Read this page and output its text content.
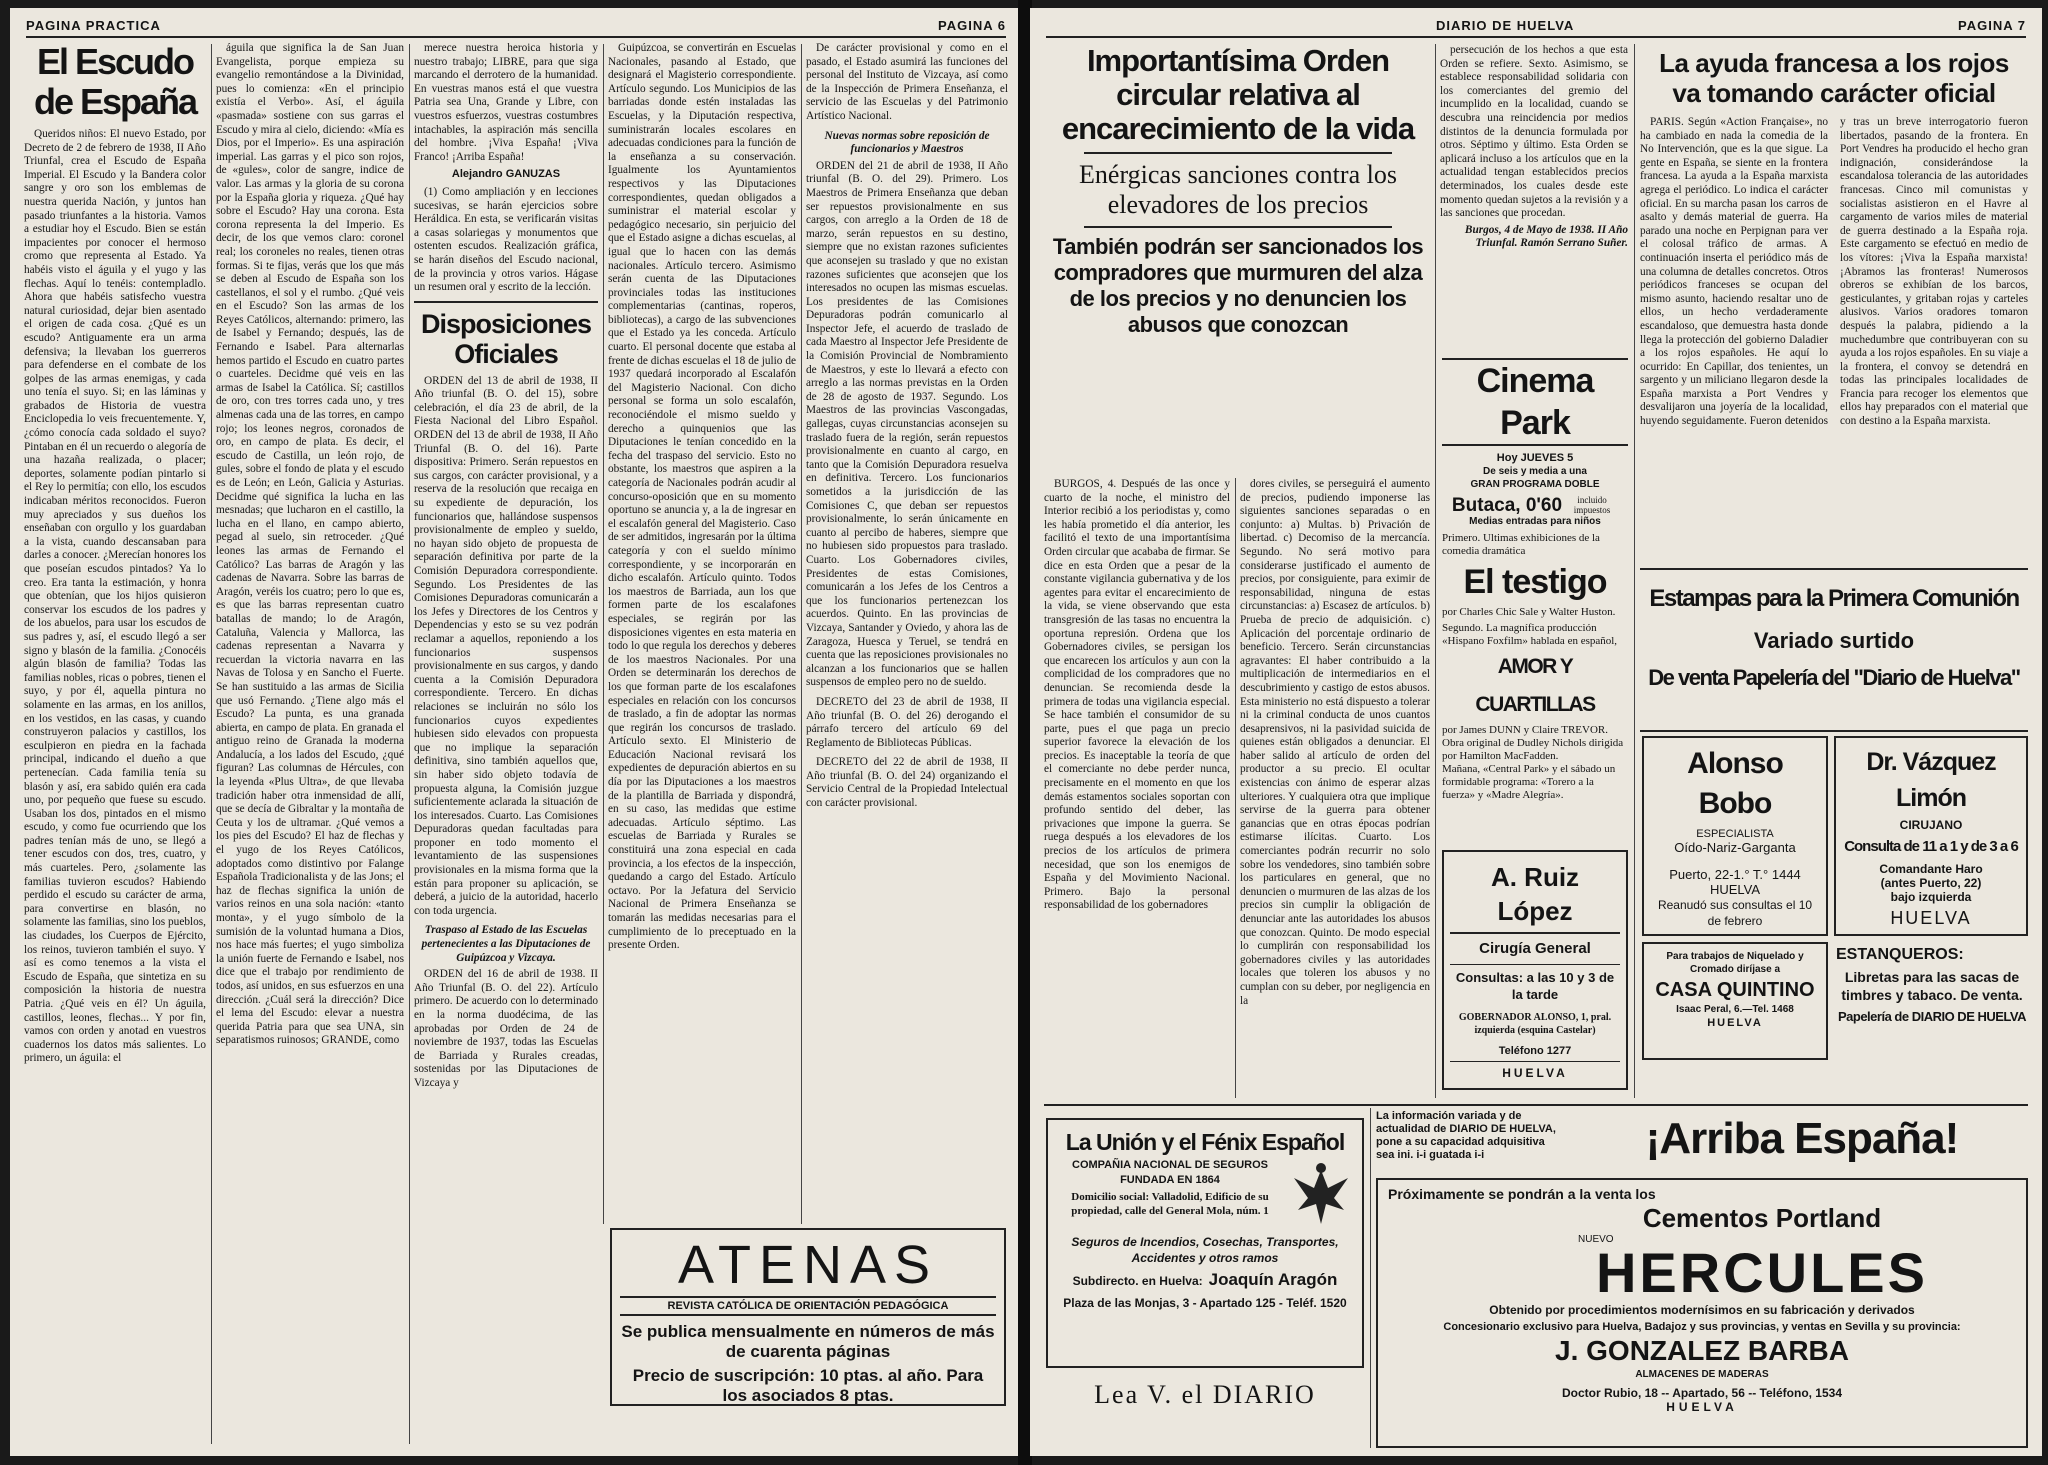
PAGINA PRACTICA	PAGINA 6
El Escudo de España

Queridos niños: El nuevo Estado, por Decreto de 2 de febrero de 1938, II Año Triunfal, crea el Escudo de España Imperial. El Escudo y la Bandera color sangre y oro son los emblemas de nuestra querida Nación, y juntos han pasado triunfantes a la historia. Vamos a estudiar hoy el Escudo. Bien se están impacientes por conocer el hermoso cromo que representa al Estado. Ya habéis visto el águila y el yugo y las flechas. Aquí lo tenéis: contempladlo. Ahora que habéis satisfecho vuestra natural curiosidad, dejar bien asentado el origen de cada cosa. ¿Qué es un escudo? Antiguamente era un arma defensiva; la llevaban los guerreros para defenderse en el combate de los golpes de las armas enemigas, y cada uno tenía el suyo. Si; en las láminas y grabados de Historia de vuestra Enciclopedia lo veis frecuentemente. Y, ¿cómo conocía cada soldado el suyo? Pintaban en él un recuerdo o alegoría de una hazaña realizada, o placer; deportes, solamente podían pintarlo si el Rey lo permitía; con ello, los escudos indicaban méritos reconocidos. Fueron muy apreciados y sus dueños los enseñaban con orgullo y los guardaban a la vista, cuando descansaban para darles a conocer. ¿Merecían honores los que poseían escudos pintados? Ya lo creo. Era tanta la estimación, y honra que obtenían, que los hijos quisieron conservar los escudos de los padres y de los abuelos, para usar los escudos de sus padres y, así, el escudo llegó a ser signo y blasón de la familia. ¿Conocéis algún blasón de familia? Todas las familias nobles, ricas o pobres, tienen el suyo, y por él, aquella pintura no solamente en las armas, en los anillos, en los vestidos, en las casas, y cuando construyeron palacios y castillos, los esculpieron en piedra en la fachada principal, indicando el dueño a que pertenecían. Cada familia tenía su blasón y así, era sabido quién era cada uno, por pequeño que fuese su escudo. Usaban los dos, pintados en el mismo escudo, y como fue ocurriendo que los padres tenían más de uno, se llegó a tener escudos con dos, tres, cuatro, y más cuarteles. Pero, ¿solamente las familias tuvieron escudos? Habiendo perdido el escudo su carácter de arma, para convertirse en blasón, no solamente las familias, sino los pueblos, las ciudades, los Cuerpos de Ejército, los reinos, tuvieron también el suyo. Y así es como tenemos a la vista el Escudo de España, que sintetiza en su composición la historia de nuestra Patria. ¿Qué veis en él? Un águila, castillos, leones, flechas... Y por fin, vamos con orden y anotad en vuestros cuadernos los datos más salientes. Lo primero, un águila: el

águila que significa la de San Juan Evangelista, porque empieza su evangelio remontándose a la Divinidad, pues lo comienza: «En el principio existía el Verbo». Así, el águila «pasmada» sostiene con sus garras el Escudo y mira al cielo, diciendo: «Mía es Dios, por el Imperio». Es una aspiración imperial. Las garras y el pico son rojos, de «gules», color de sangre, indice de valor. Las armas y la gloria de su corona por la España gloria y riqueza. ¿Qué hay sobre el Escudo? Hay una corona. Esta corona representa la del Imperio. Es decir, de los que vemos claro: coronel real; los coroneles no reales, tienen otras formas. Si te fijas, verás que los que más se deben al Escudo de España son los castellanos, el sol y el rumbo. ¿Qué veis en el Escudo? Son las armas de los Reyes Católicos, alternando: primero, las de Isabel y Fernando; después, las de Fernando e Isabel. Para alternarlas hemos partido el Escudo en cuatro partes o cuarteles. Decidme qué veis en las armas de Isabel la Católica. Sí; castillos de oro, con tres torres cada uno, y tres almenas cada una de las torres, en campo rojo; los leones negros, coronados de oro, en campo de plata. Es decir, el escudo de Castilla, un león rojo, de gules, sobre el fondo de plata y el escudo es de León; en León, Galicia y Asturias. Decidme qué significa la lucha en las mesnadas; que lucharon en el castillo, la lucha en el llano, en campo abierto, pegad al suelo, sin retroceder. ¿Qué leones las armas de Fernando el Católico? Las barras de Aragón y las cadenas de Navarra. Sobre las barras de Aragón, veréis los cuatro; pero lo que es, es que las barras representan cuatro batallas de mando; lo de Aragón, Cataluña, Valencia y Mallorca, las cadenas representan a Navarra y recuerdan la victoria navarra en las Navas de Tolosa y en Sancho el Fuerte. Se han sustituido a las armas de Sicilia que usó Fernando. ¿Tiene algo más el Escudo? La punta, es una granada abierta, en campo de plata. En granada el antiguo reino de Granada la moderna Andalucía, a los lados del Escudo, ¿qué figuran? Las columnas de Hércules, con la leyenda «Plus Ultra», de que llevaba tradición haber otra inmensidad de allí, que se decía de Gibraltar y la montaña de Ceuta y los de ultramar. ¿Qué vemos a los pies del Escudo? El haz de flechas y el yugo de los Reyes Católicos, adoptados como distintivo por Falange Española Tradicionalista y de las Jons; el haz de flechas significa la unión de varios reinos en una sola nación: «tanto monta», y el yugo símbolo de la sumisión de la voluntad humana a Dios, nos hace más fuertes; el yugo simboliza la unión fuerte de Fernando e Isabel, nos dice que el trabajo por rendimiento de todos, así unidos, en sus esfuerzos en una dirección. ¿Cuál será la dirección? Dice el lema del Escudo: elevar a nuestra querida Patria para que sea UNA, sin separatismos ruinosos; GRANDE, como

merece nuestra heroica historia y nuestro trabajo; LIBRE, para que siga marcando el derrotero de la humanidad. En vuestras manos está el que vuestra Patria sea Una, Grande y Libre, con vuestros esfuerzos, vuestras costumbres intachables, la aspiración más sencilla del hombre. ¡Viva España! ¡Viva Franco! ¡Arriba España!

Alejandro GANUZAS

(1) Como ampliación y en lecciones sucesivas, se harán ejercicios sobre Heráldica. En esta, se verificarán visitas a casas solariegas y monumentos que ostenten escudos. Realización gráfica, se harán diseños del Escudo nacional, de la provincia y otros varios. Hágase un resumen oral y escrito de la lección.

Disposiciones Oficiales

ORDEN del 13 de abril de 1938, II Año triunfal (B. O. del 15), sobre celebración, el día 23 de abril, de la Fiesta Nacional del Libro Español. ORDEN del 13 de abril de 1938, II Año Triunfal (B. O. del 16). Parte dispositiva: Primero. Serán repuestos en sus cargos, con carácter provisional, y a reserva de la resolución que recaiga en su expediente de depuración, los funcionarios que, hallándose suspensos provisionalmente de empleo y sueldo, no hayan sido objeto de propuesta de separación definitiva por parte de la Comisión Depuradora correspondiente. Segundo. Los Presidentes de las Comisiones Depuradoras comunicarán a los Jefes y Directores de los Centros y Dependencias y esto se su vez podrán reclamar a aquellos, reponiendo a los funcionarios suspensos provisionalmente en sus cargos, y dando cuenta a la Comisión Depuradora correspondiente. Tercero. En dichas relaciones se incluirán no sólo los funcionarios cuyos expedientes hubiesen sido elevados con propuesta que no implique la separación definitiva, sino también aquellos que, sin haber sido objeto todavía de propuesta alguna, la Comisión juzgue suficientemente aclarada la situación de los interesados. Cuarto. Las Comisiones Depuradoras quedan facultadas para proponer en todo momento el levantamiento de las suspensiones provisionales en la misma forma que la están para proponer su aplicación, se deberá, a juicio de la autoridad, hacerlo con toda urgencia.

Traspaso al Estado de las Escuelas pertenecientes a las Diputaciones de Guipúzcoa y Vizcaya.

ORDEN del 16 de abril de 1938. II Año Triunfal (B. O. del 22). Artículo primero. De acuerdo con lo determinado en la norma duodécima, de las aprobadas por Orden de 24 de noviembre de 1937, todas las Escuelas de Barriada y Rurales creadas, sostenidas por las Diputaciones de Vizcaya y

Guipúzcoa, se convertirán en Escuelas Nacionales, pasando al Estado, que designará el Magisterio correspondiente. Artículo segundo. Los Municipios de las barriadas donde estén instaladas las Escuelas, y la Diputación respectiva, suministrarán locales escolares en adecuadas condiciones para la función de la enseñanza a su conservación. Igualmente los Ayuntamientos respectivos y las Diputaciones correspondientes, quedan obligados a suministrar el material escolar y pedagógico necesario, sin perjuicio del que el Estado asigne a dichas escuelas, al igual que lo hacen con las demás nacionales. Artículo tercero. Asimismo serán cuenta de las Diputaciones provinciales todas las instituciones complementarias (cantinas, roperos, bibliotecas), a cargo de las subvenciones que el Estado ya les conceda. Artículo cuarto. El personal docente que estaba al frente de dichas escuelas el 18 de julio de 1937 quedará incorporado al Escalafón del Magisterio Nacional. Con dicho personal se forma un solo escalafón, reconociéndole el mismo sueldo y derecho a quinquenios que las Diputaciones le tenían concedido en la fecha del traspaso del servicio. Esto no obstante, los maestros que aspiren a la categoría de Nacionales podrán acudir al concurso-oposición que en su momento oportuno se anuncia y, a la de ingresar en el escalafón general del Magisterio. Caso de ser admitidos, ingresarán por la última categoría y con el sueldo mínimo correspondiente, y se incorporarán en dicho escalafón. Artículo quinto. Todos los maestros de Barriada, aun los que formen parte de los escalafones especiales, se regirán por las disposiciones vigentes en esta materia en todo lo que regula los derechos y deberes de los maestros Nacionales. Por una Orden se determinarán los derechos de los que forman parte de los escalafones especiales en relación con los concursos de traslado, a fin de adoptar las normas que regirán los concursos de traslado. Artículo sexto. El Ministerio de Educación Nacional revisará los expedientes de depuración abiertos en su día por las Diputaciones a los maestros de la plantilla de Barriada y dispondrá, en su caso, las medidas que estime adecuadas. Artículo séptimo. Las escuelas de Barriada y Rurales se constituirá una zona especial en cada provincia, a los efectos de la inspección, quedando a cargo del Estado. Artículo octavo. Por la Jefatura del Servicio Nacional de Primera Enseñanza se tomarán las medidas necesarias para el cumplimiento de lo preceptuado en la presente Orden.

De carácter provisional y como en el pasado, el Estado asumirá las funciones del personal del Instituto de Vizcaya, así como de la Inspección de Primera Enseñanza, el servicio de las Escuelas y del Patrimonio Artístico Nacional.

Nuevas normas sobre reposición de funcionarios y Maestros

ORDEN del 21 de abril de 1938, II Año triunfal (B. O. del 29). Primero. Los Maestros de Primera Enseñanza que deban ser repuestos provisionalmente en sus cargos, con arreglo a la Orden de 18 de marzo, serán repuestos en su destino, siempre que no existan razones suficientes que aconsejen su traslado y que no existan razones suficientes que aconsejen que los interesados no ocupen las mismas escuelas. Los presidentes de las Comisiones Depuradoras podrán comunicarlo al Inspector Jefe, el acuerdo de traslado de cada Maestro al Inspector Jefe Presidente de la Comisión Provincial de Nombramiento de Maestros, y este lo llevará a efecto con arreglo a las normas previstas en la Orden de 28 de agosto de 1937. Segundo. Los Maestros de las provincias Vascongadas, gallegas, cuyas circunstancias aconsejen su traslado fuera de la región, serán repuestos provisionalmente en cuanto al cargo, en tanto que la Comisión Depuradora resuelva en definitiva. Tercero. Los funcionarios sometidos a la jurisdicción de las Comisiones C, que deban ser repuestos provisionalmente, lo serán únicamente en cuanto al percibo de haberes, siempre que no hubiesen sido propuestos para traslado. Cuarto. Los Gobernadores civiles, Presidentes de estas Comisiones, comunicarán a los Jefes de los Centros a que los funcionarios pertenezcan los acuerdos. Quinto. En las provincias de Vizcaya, Santander y Oviedo, y ahora las de Zaragoza, Huesca y Teruel, se tendrá en cuenta que las reposiciones provisionales no alcanzan a los funcionarios que se hallen suspensos de empleo pero no de sueldo.

DECRETO del 23 de abril de 1938, II Año triunfal (B. O. del 26) derogando el párrafo tercero del artículo 69 del Reglamento de Bibliotecas Públicas.

DECRETO del 22 de abril de 1938, II Año triunfal (B. O. del 24) organizando el Servicio Central de la Propiedad Intelectual con carácter provisional.

ATENAS
REVISTA CATÓLICA DE ORIENTACIÓN PEDAGÓGICA
Se publica mensualmente en números de más de cuarenta páginas
Precio de suscripción: 10 ptas. al año. Para los asociados 8 ptas.
DIARIO DE HUELVA	PAGINA 7
Importantísima Orden circular relativa al encarecimiento de la vida
Enérgicas sanciones contra los elevadores de los precios
También podrán ser sancionados los compradores que murmuren del alza de los precios y no denuncien los abusos que conozcan

BURGOS, 4. Después de las once y cuarto de la noche, el ministro del Interior recibió a los periodistas y, como les había prometido el día anterior, les facilitó el texto de una importantísima Orden circular que acababa de firmar. Se dice en esta Orden que a pesar de la constante vigilancia gubernativa y de los agentes para evitar el encarecimiento de la vida, se viene observando que esta transgresión de las tasas no encuentra la oportuna represión. Ordena que los Gobernadores civiles, se persigan los que encarecen los artículos y aun con la complicidad de los compradores que no denuncian. Se recomienda desde la primera de todas una vigilancia especial. Se hace también el consumidor de su parte, pues el que paga un precio superior favorece la elevación de los precios. Es inaceptable la teoría de que el comerciante no debe perder nunca, precisamente en el momento en que los demás estamentos sociales soportan con profundo sentido del deber, las privaciones que impone la guerra. Se ruega después a los elevadores de los precios de los artículos de primera necesidad, que son los enemigos de España y del Movimiento Nacional. Primero. Bajo la personal responsabilidad de los gobernadores

dores civiles, se perseguirá el aumento de precios, pudiendo imponerse las siguientes sanciones separadas o en conjunto: a) Multas. b) Privación de libertad. c) Decomiso de la mercancía. Segundo. No será motivo para considerarse justificado el aumento de precios, por consiguiente, para eximir de responsabilidad, ninguna de estas circunstancias: a) Escasez de artículos. b) Prueba de precio de adquisición. c) Aplicación del porcentaje ordinario de beneficio. Tercero. Serán circunstancias agravantes: El haber contribuido a la multiplicación de intermediarios en el descubrimiento y castigo de estos abusos. Esta ministerio no está dispuesto a tolerar ni la criminal conducta de unos cuantos desaprensivos, ni la pasividad suicida de quienes están obligados a denunciar. El haber salido al artículo de orden del productor a su precio. El ocultar existencias con ánimo de esperar alzas ulteriores. Y cualquiera otra que implique servirse de la guerra para obtener ganancias que en otras épocas podrían estimarse ilícitas. Cuarto. Los comerciantes podrán recurrir no solo sobre los vendedores, sino también sobre los particulares en general, que no denuncien o murmuren de las alzas de los precios sin cumplir la obligación de denunciar ante las autoridades los abusos que conozcan. Quinto. De modo especial lo cumplirán con responsabilidad los gobernadores civiles y las autoridades locales que toleren los abusos y no cumplan con su deber, por negligencia en la

persecución de los hechos a que esta Orden se refiere. Sexto. Asimismo, se establece responsabilidad solidaria con los comerciantes del gremio del incumplido en la localidad, cuando se descubra una reincidencia por medios distintos de la denuncia formulada por otros. Séptimo y último. Esta Orden se aplicará incluso a los artículos que en la actualidad tengan establecidos precios determinados, los cuales desde este momento quedan sujetos a la revisión y a las sanciones que procedan.

Burgos, 4 de Mayo de 1938. II Año Triunfal. Ramón Serrano Suñer.
Cinema Park
Hoy JUEVES 5
De seis y media a una
GRAN PROGRAMA DOBLE
Butaca, 0'60	incluido impuestos
Medias entradas para niños
Primero. Ultimas exhibiciones de la comedia dramática
El testigo
por Charles Chic Sale y Walter Huston.
Segundo. La magnífica producción «Hispano Foxfilm» hablada en español,
AMOR Y CUARTILLAS
por James DUNN y Claire TREVOR.
Obra original de Dudley Nichols dirigida por Hamilton MacFadden.
Mañana, «Central Park» y el sábado un formidable programa: «Torero a la fuerza» y «Madre Alegría».
A. Ruiz López
Cirugía General
Consultas: a las 10 y 3 de la tarde
GOBERNADOR ALONSO, 1, pral. izquierda (esquina Castelar)
Teléfono 1277
HUELVA
La ayuda francesa a los rojos va tomando carácter oficial

PARIS. Según «Action Française», no ha cambiado en nada la comedia de la No Intervención, que es la que sigue. La gente en España, se siente en la frontera francesa. La ayuda a la España marxista agrega el periódico. Lo indica el carácter oficial. En su marcha pasan los carros de asalto y demás material de guerra. Ha parado una noche en Perpignan para ver el colosal tráfico de armas. A continuación inserta el periódico más de una columna de detalles concretos. Otros periódicos franceses se ocupan del mismo asunto, haciendo resaltar uno de ellos, un hecho verdaderamente escandaloso, que demuestra hasta donde llega la protección del gobierno Daladier a los rojos españoles. He aquí lo ocurrido: En Capillar, dos tenientes, un sargento y un miliciano llegaron desde la España marxista a Port Vendres y desvalijaron una joyería de la localidad, huyendo seguidamente. Fueron detenidos y tras un breve interrogatorio fueron libertados, pasando de la frontera. En Port Vendres ha producido el hecho gran indignación, considerándose la escandalosa tolerancia de las autoridades francesas. Cinco mil comunistas y socialistas asistieron en el Havre al cargamento de varios miles de material de guerra destinado a la España roja. Este cargamento se efectuó en medio de los vítores: ¡Viva la España marxista! ¡Abramos las fronteras! Numerosos obreros se exhibían de los barcos, gesticulantes, y gritaban rojas y carteles alusivos. Varios oradores tomaron después la palabra, pidiendo a la muchedumbre que contribuyeran con su ayuda a los rojos españoles. En su viaje a la frontera, el convoy se detendrá en todas las principales localidades de Francia para recoger los elementos que ellos hay preparados con el material que con destino a la España marxista.

Estampas para la Primera Comunión
Variado surtido
De venta Papelería del "Diario de Huelva"
Alonso Bobo
ESPECIALISTA
Oído-Nariz-Garganta
Puerto, 22-1.° T.° 1444
HUELVA
Reanudó sus consultas el 10 de febrero
Dr. Vázquez Limón
CIRUJANO
Consulta de 11 a 1 y de 3 a 6
Comandante Haro
(antes Puerto, 22)
bajo izquierda
HUELVA
Para trabajos de Niquelado y Cromado diríjase a
CASA QUINTINO
Isaac Peral, 6.—Tel. 1468
HUELVA
ESTANQUEROS:
Libretas para las sacas de timbres y tabaco. De venta.
Papelería de DIARIO DE HUELVA
La Unión y el Fénix Español
COMPAÑIA NACIONAL DE SEGUROS
FUNDADA EN 1864
Domicilio social: Valladolid, Edificio de su propiedad, calle del General Mola, núm. 1
Seguros de Incendios, Cosechas, Transportes, Accidentes y otros ramos
Subdirecto. en Huelva: Joaquín Aragón
Plaza de las Monjas, 3 - Apartado 125 - Teléf. 1520
Lea V. el DIARIO
La información variada y de actualidad de DIARIO DE HUELVA, pone a su capacidad adquisitiva sea ini. i-i guatada i-i	¡Arriba España!
Próximamente se pondrán a la venta los
Cementos Portland
NUEVO
HERCULES
Obtenido por procedimientos modernísimos en su fabricación y derivados
Concesionario exclusivo para Huelva, Badajoz y sus provincias, y ventas en Sevilla y su provincia:
J. GONZALEZ BARBA
ALMACENES DE MADERAS
Doctor Rubio, 18 -- Apartado, 56 -- Teléfono, 1534
HUELVA
